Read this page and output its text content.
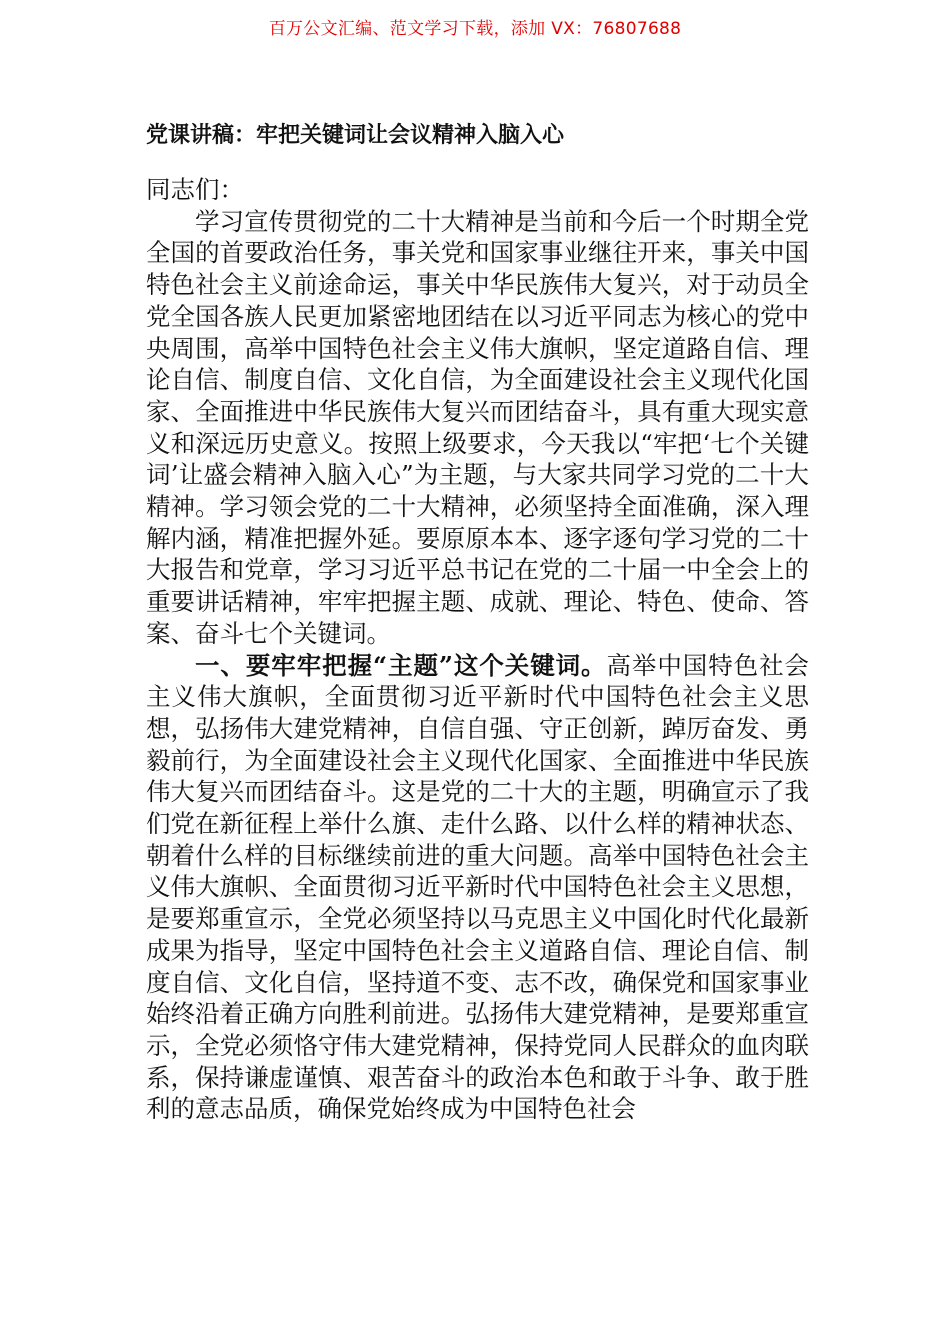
百万公文汇编、范文学习下载，添加 VX：76807688
党课讲稿：牢把关键词让会议精神入脑入心

同志们：

学习宣传贯彻党的二十大精神是当前和今后一个时期全党全国的首要政治任务，事关党和国家事业继往开来，事关中国特色社会主义前途命运，事关中华民族伟大复兴，对于动员全党全国各族人民更加紧密地团结在以习近平同志为核心的党中央周围，高举中国特色社会主义伟大旗帜，坚定道路自信、理论自信、制度自信、文化自信，为全面建设社会主义现代化国家、全面推进中华民族伟大复兴而团结奋斗，具有重大现实意义和深远历史意义。按照上级要求，今天我以“牢把‘七个关键词’让盛会精神入脑入心”为主题，与大家共同学习党的二十大精神。学习领会党的二十大精神，必须坚持全面准确，深入理解内涵，精准把握外延。要原原本本、逐字逐句学习党的二十大报告和党章，学习习近平总书记在党的二十届一中全会上的重要讲话精神，牢牢把握主题、成就、理论、特色、使命、答案、奋斗七个关键词。

一、要牢牢把握“主题”这个关键词。高举中国特色社会主义伟大旗帜，全面贯彻习近平新时代中国特色社会主义思想，弘扬伟大建党精神，自信自强、守正创新，踔厉奋发、勇毅前行，为全面建设社会主义现代化国家、全面推进中华民族伟大复兴而团结奋斗。这是党的二十大的主题，明确宣示了我们党在新征程上举什么旗、走什么路、以什么样的精神状态、朝着什么样的目标继续前进的重大问题。高举中国特色社会主义伟大旗帜、全面贯彻习近平新时代中国特色社会主义思想，是要郑重宣示，全党必须坚持以马克思主义中国化时代化最新成果为指导，坚定中国特色社会主义道路自信、理论自信、制度自信、文化自信，坚持道不变、志不改，确保党和国家事业始终沿着正确方向胜利前进。弘扬伟大建党精神，是要郑重宣示，全党必须恪守伟大建党精神，保持党同人民群众的血肉联系，保持谦虚谨慎、艰苦奋斗的政治本色和敢于斗争、敢于胜利的意志品质，确保党始终成为中国特色社会
